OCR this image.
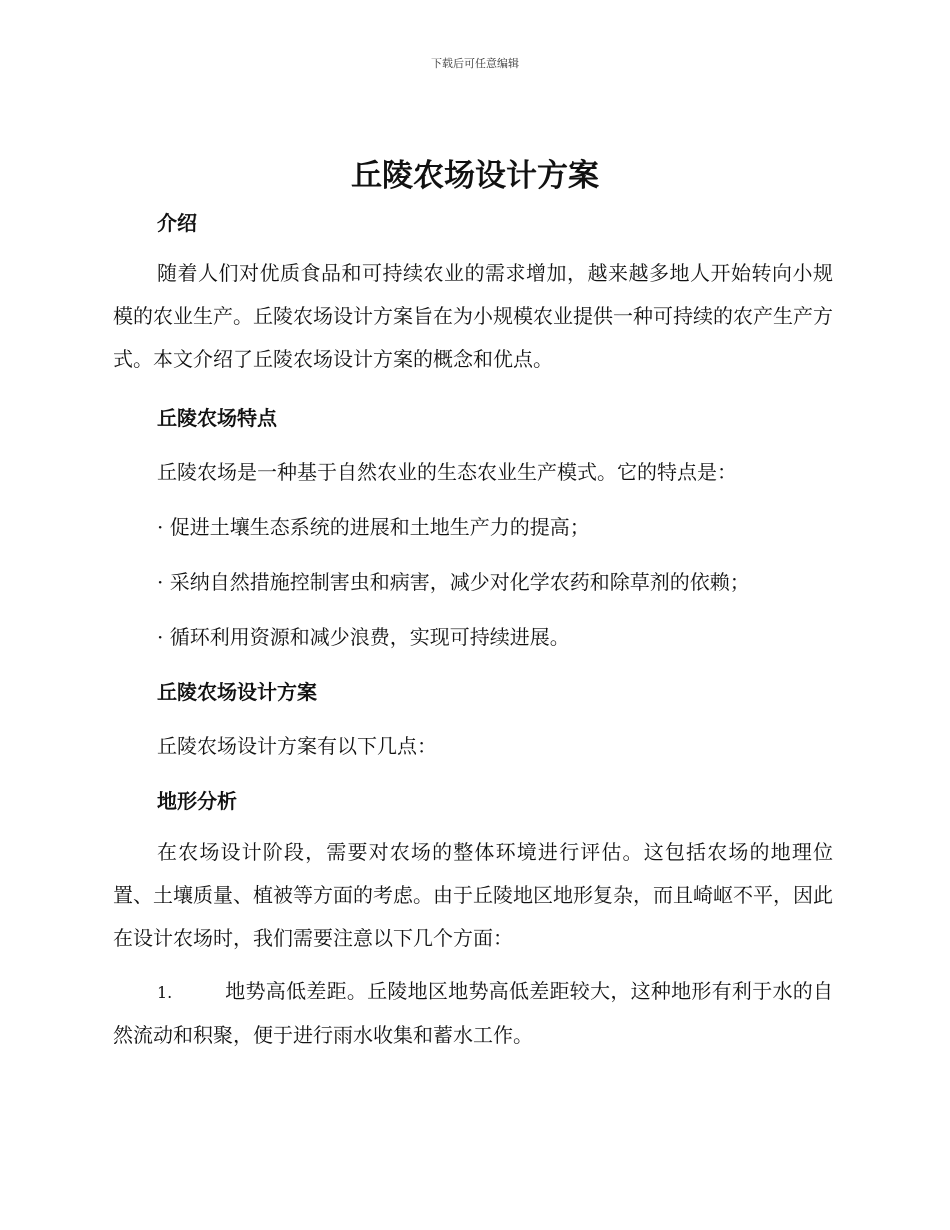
下载后可任意编辑
丘陵农场设计方案
介绍

随着人们对优质食品和可持续农业的需求增加，越来越多地人开始转向小规模的农业生产。丘陵农场设计方案旨在为小规模农业提供一种可持续的农产生产方式。本文介绍了丘陵农场设计方案的概念和优点。

丘陵农场特点

丘陵农场是一种基于自然农业的生态农业生产模式。它的特点是：

· 促进土壤生态系统的进展和土地生产力的提高；

· 采纳自然措施控制害虫和病害，减少对化学农药和除草剂的依赖；

· 循环利用资源和减少浪费，实现可持续进展。

丘陵农场设计方案

丘陵农场设计方案有以下几点：

地形分析

在农场设计阶段，需要对农场的整体环境进行评估。这包括农场的地理位置、土壤质量、植被等方面的考虑。由于丘陵地区地形复杂，而且崎岖不平，因此在设计农场时，我们需要注意以下几个方面：

1.	地势高低差距。丘陵地区地势高低差距较大，这种地形有利于水的自然流动和积聚，便于进行雨水收集和蓄水工作。
